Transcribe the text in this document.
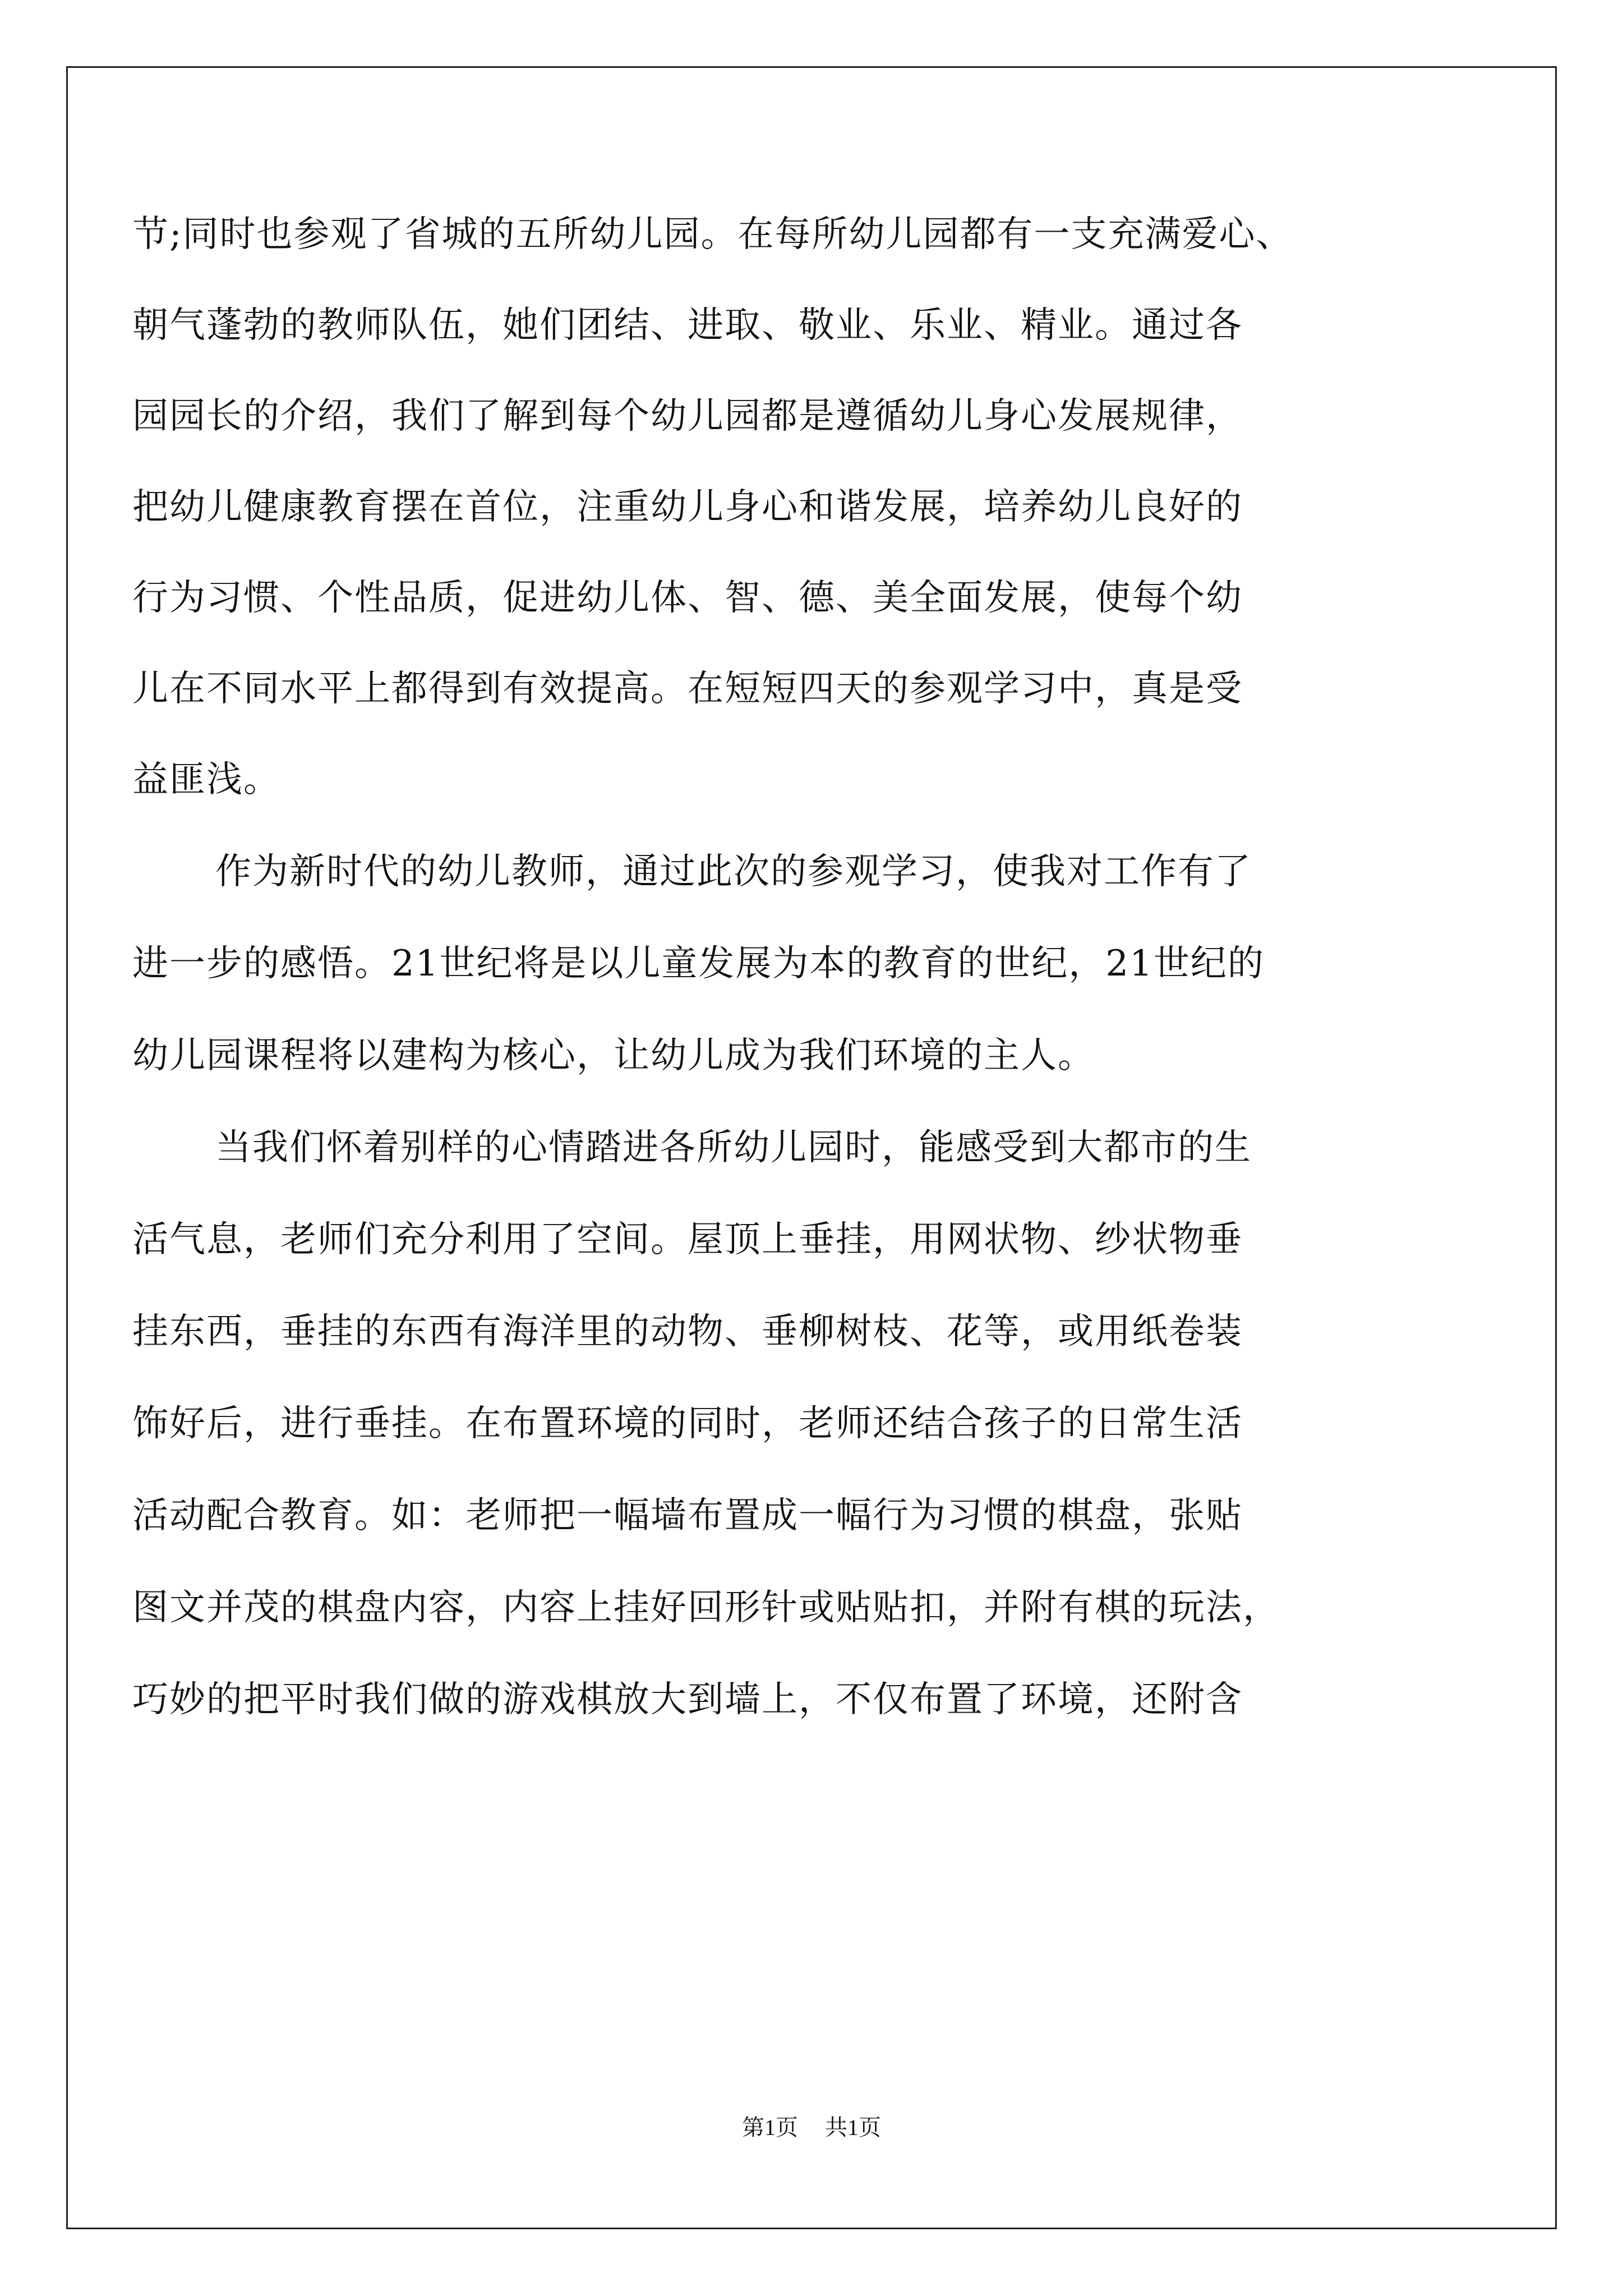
节;同时也参观了省城的五所幼儿园。在每所幼儿园都有一支充满爱心、
朝气蓬勃的教师队伍，她们团结、进取、敬业、乐业、精业。通过各
园园长的介绍，我们了解到每个幼儿园都是遵循幼儿身心发展规律，
把幼儿健康教育摆在首位，注重幼儿身心和谐发展，培养幼儿良好的
行为习惯、个性品质，促进幼儿体、智、德、美全面发展，使每个幼
儿在不同水平上都得到有效提高。在短短四天的参观学习中，真是受
益匪浅。
作为新时代的幼儿教师，通过此次的参观学习，使我对工作有了
进一步的感悟。21世纪将是以儿童发展为本的教育的世纪，21世纪的
幼儿园课程将以建构为核心，让幼儿成为我们环境的主人。
当我们怀着别样的心情踏进各所幼儿园时，能感受到大都市的生
活气息，老师们充分利用了空间。屋顶上垂挂，用网状物、纱状物垂
挂东西，垂挂的东西有海洋里的动物、垂柳树枝、花等，或用纸卷装
饰好后，进行垂挂。在布置环境的同时，老师还结合孩子的日常生活
活动配合教育。如：老师把一幅墙布置成一幅行为习惯的棋盘，张贴
图文并茂的棋盘内容，内容上挂好回形针或贴贴扣，并附有棋的玩法，
巧妙的把平时我们做的游戏棋放大到墙上，不仅布置了环境，还附含
第1页 共1页
